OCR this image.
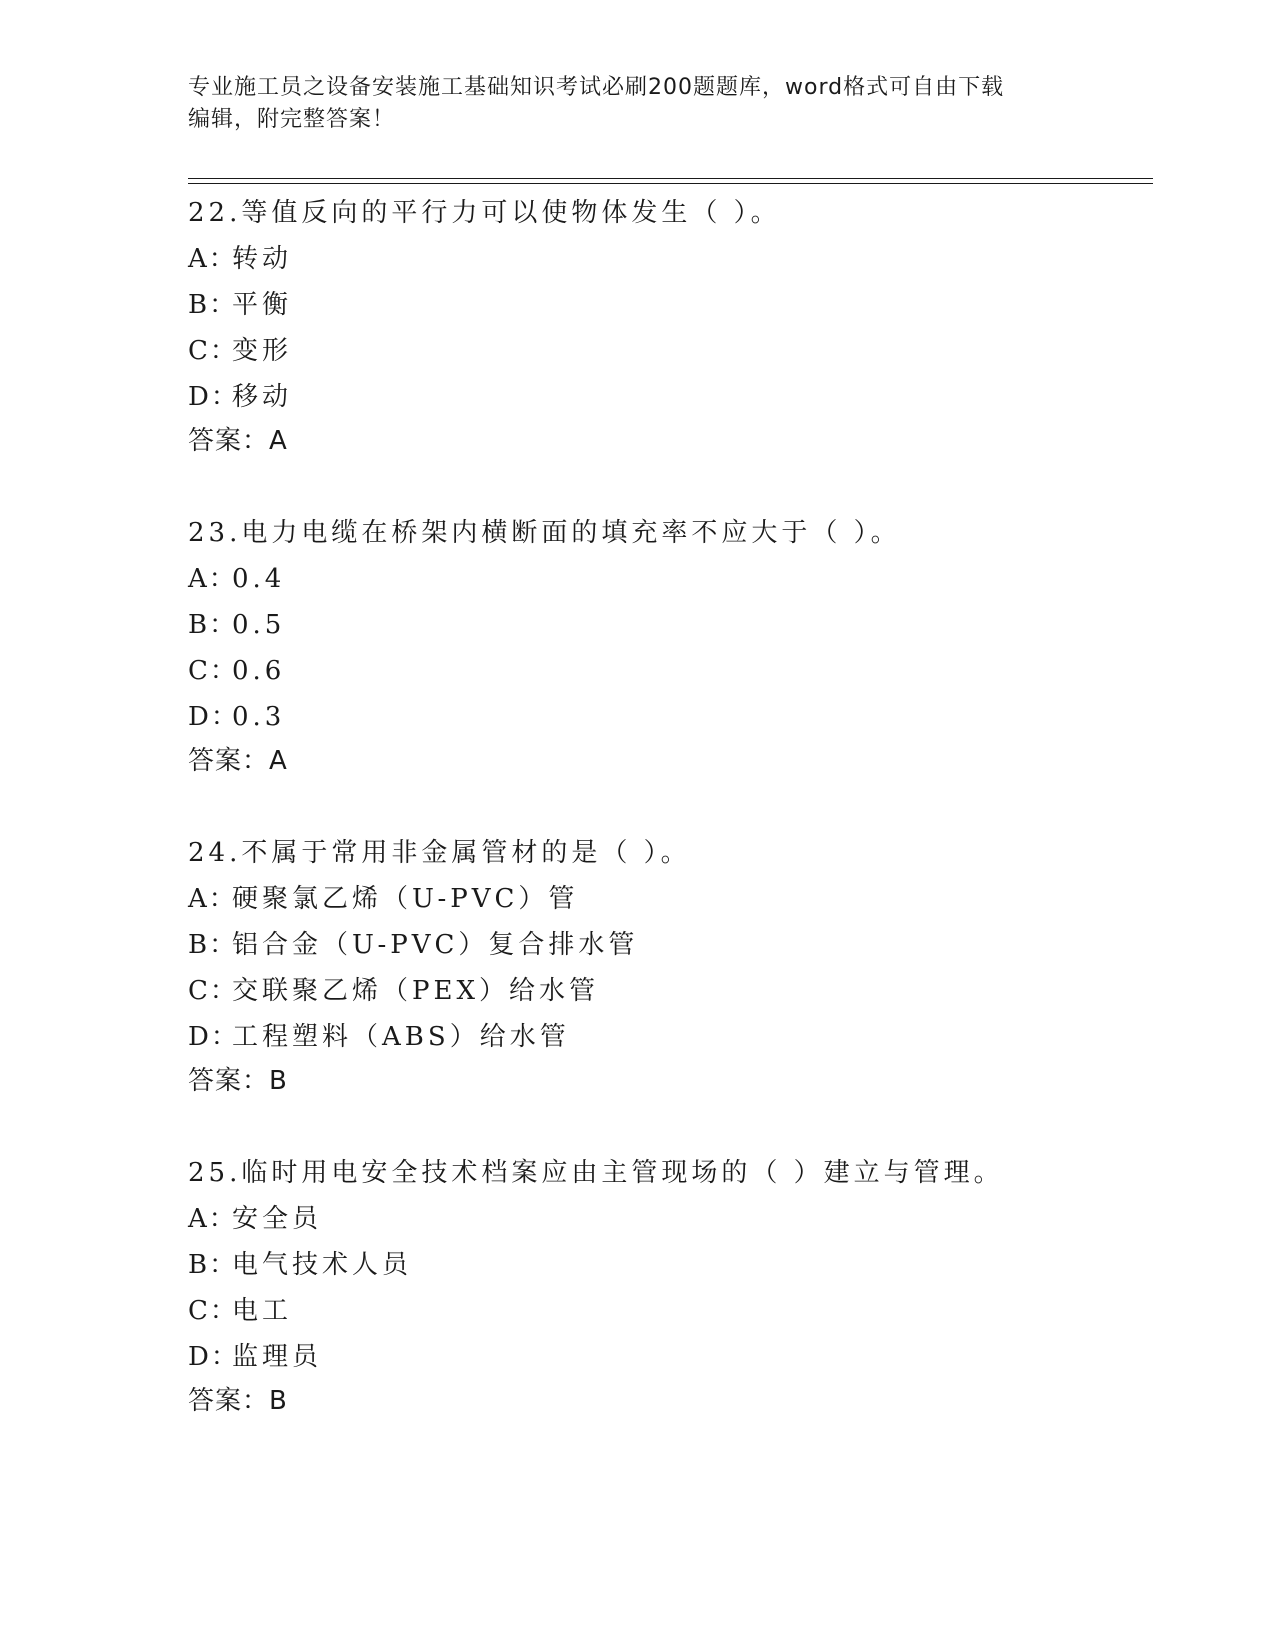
专业施工员之设备安装施工基础知识考试必刷200题题库，word格式可自由下载
编辑，附完整答案！
22.等值反向的平行力可以使物体发生（ ）。
A：转动
B：平衡
C：变形
D：移动
答案：A
23.电力电缆在桥架内横断面的填充率不应大于（ ）。
A：0.4
B：0.5
C：0.6
D：0.3
答案：A
24.不属于常用非金属管材的是（ ）。
A：硬聚氯乙烯（U-PVC）管
B：铝合金（U-PVC）复合排水管
C：交联聚乙烯（PEX）给水管
D：工程塑料（ABS）给水管
答案：B
25.临时用电安全技术档案应由主管现场的（ ）建立与管理。
A：安全员
B：电气技术人员
C：电工
D：监理员
答案：B
